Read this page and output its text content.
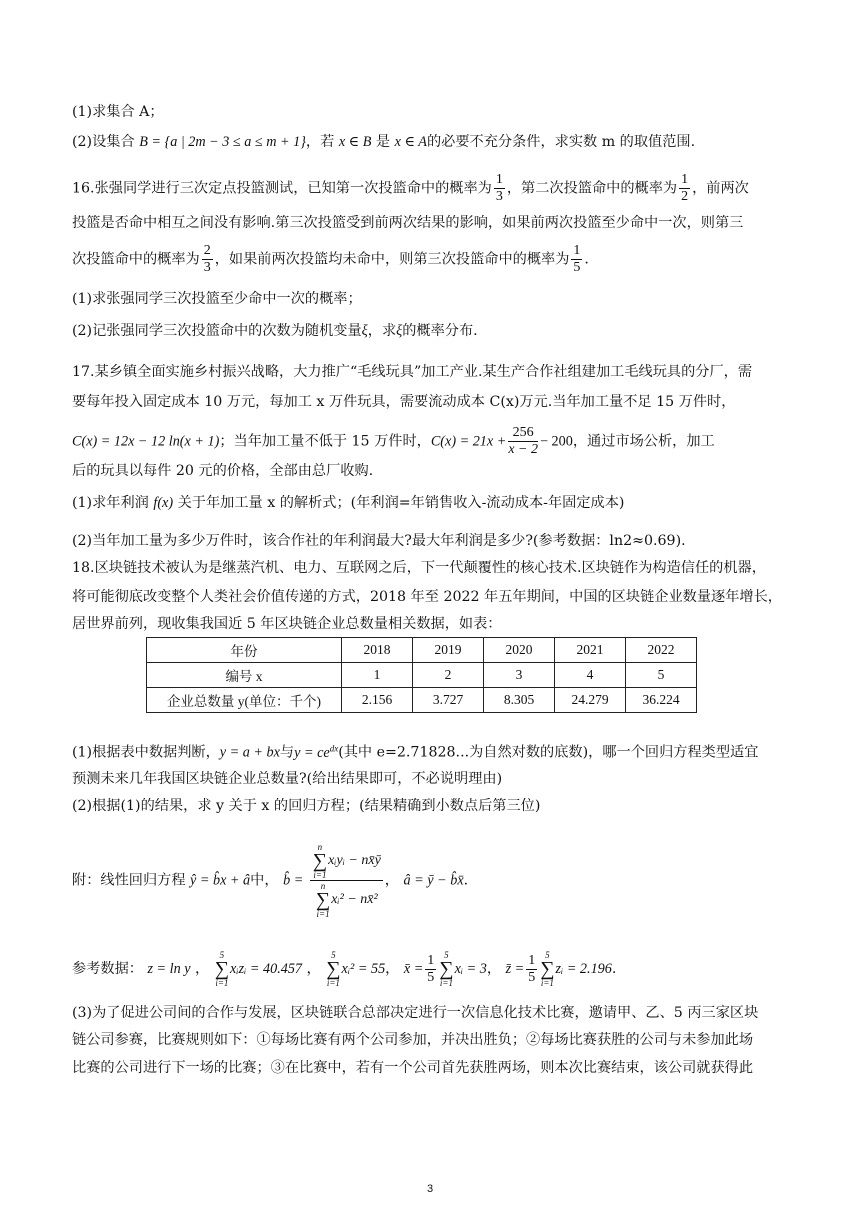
(1)求集合 A；
(2)设集合 B = {a | 2m − 3 ≤ a ≤ m + 1}，若 x ∈ B 是 x ∈ A的必要不充分条件，求实数 m 的取值范围.
16.张强同学进行三次定点投篮测试，已知第一次投篮命中的概率为 $\frac{1}{3}$ ，第二次投篮命中的概率为 $\frac{1}{2}$ ，前两次
投篮是否命中相互之间没有影响.第三次投篮受到前两次结果的影响，如果前两次投篮至少命中一次，则第三
次投篮命中的概率为 $\frac{2}{3}$ ，如果前两次投篮均未命中，则第三次投篮命中的概率为 $\frac{1}{5}$ .
(1)求张强同学三次投篮至少命中一次的概率；
(2)记张强同学三次投篮命中的次数为随机变量ξ，求ξ的概率分布.
17.某乡镇全面实施乡村振兴战略，大力推广“毛线玩具”加工产业.某生产合作社组建加工毛线玩具的分厂，需
要每年投入固定成本 10 万元，每加工 x 万件玩具，需要流动成本 C(x)万元.当年加工量不足 15 万件时，
C(x) = 12x − 12 ln(x + 1)；当年加工量不低于 15 万件时，$C(x) = 21x + \frac{256}{x - 2} - 200$，通过市场公析，加工
后的玩具以每件 20 元的价格，全部由总厂收购.
(1)求年利润 f(x) 关于年加工量 x 的解析式；(年利润=年销售收入-流动成本-年固定成本)
(2)当年加工量为多少万件时，该合作社的年利润最大?最大年利润是多少?(参考数据：ln2≈0.69).
18.区块链技术被认为是继蒸汽机、电力、互联网之后，下一代颠覆性的核心技术.区块链作为构造信任的机器，
将可能彻底改变整个人类社会价值传递的方式，2018 年至 2022 年五年期间，中国的区块链企业数量逐年增长，
居世界前列，现收集我国近 5 年区块链企业总数量相关数据，如表：
年份	2018	2019	2020	2021	2022
编号 x	1	2	3	4	5
企业总数量 y(单位：千个)	2.156	3.727	8.305	24.279	36.224
(1)根据表中数据判断，y = a + bx与$y = ce^{dx}$(其中 e=2.71828...为自然对数的底数)，哪一个回归方程类型适宜
预测未来几年我国区块链企业总数量?(给出结果即可，不必说明理由)
(2)根据(1)的结果，求 y 关于 x 的回归方程；(结果精确到小数点后第三位)
附：线性回归方程 ŷ = b̂x + â中， b̂ = n
∑
i=1
xᵢyᵢ − nx̄ȳ
n
∑
i=1
xᵢ² − nx̄² ， â = ȳ − b̂x̄.
参考数据： z = ln y ，
5
∑
i=1
xᵢzᵢ = 40.457 ，
5
∑
i=1
xᵢ² = 55， x̄ = $\frac{1}{5} 5$
∑
i=1
xᵢ = 3， z̄ = $\frac{1}{5} 5$
∑
i=1
zᵢ = 2.196.
(3)为了促进公司间的合作与发展，区块链联合总部决定进行一次信息化技术比赛，邀请甲、乙、5 丙三家区块
链公司参赛，比赛规则如下：①每场比赛有两个公司参加，并决出胜负；②每场比赛获胜的公司与未参加此场
比赛的公司进行下一场的比赛；③在比赛中，若有一个公司首先获胜两场，则本次比赛结束，该公司就获得此
3
